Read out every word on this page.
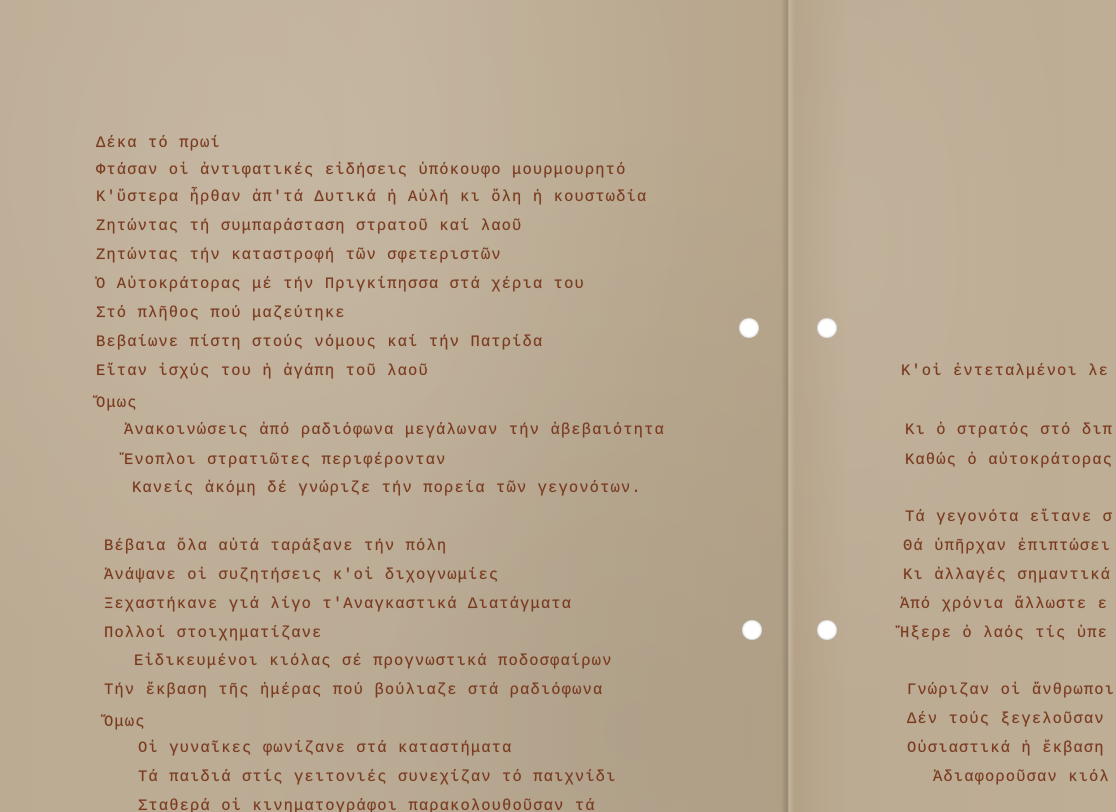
Δέκα τό πρωί
Φτάσαν οἱ ἀντιφατικές εἰδήσεις ὑπόκουφο μουρμουρητό
Κ'ὕστερα ἦρθαν ἀπ'τά Δυτικά ἡ Αὐλή κι ὅλη ἡ κουστωδία
Ζητώντας τή συμπαράσταση στρατοῦ καί λαοῦ
Ζητώντας τήν καταστροφή τῶν σφετεριστῶν
Ὁ Αὐτοκράτορας μέ τήν Πριγκίπησσα στά χέρια του
Στό πλῆθος πού μαζεύτηκε
Βεβαίωνε πίστη στούς νόμους καί τήν Πατρίδα
Εἴταν ἰσχύς του ἡ ἀγάπη τοῦ λαοῦ
Ὅμως
Ἀνακοινώσεις ἀπό ραδιόφωνα μεγάλωναν τήν ἀβεβαιότητα
Ἔνοπλοι στρατιῶτες περιφέρονταν
Κανείς ἀκόμη δέ γνώριζε τήν πορεία τῶν γεγονότων.
Βέβαια ὅλα αὐτά ταράξανε τήν πόλη
Ἀνάψανε οἱ συζητήσεις κ'οἱ διχογνωμίες
Ξεχαστήκανε γιά λίγο τ'Αναγκαστικά Διατάγματα
Πολλοί στοιχηματίζανε
Εἰδικευμένοι κιόλας σέ προγνωστικά ποδοσφαίρων
Τήν ἔκβαση τῆς ἡμέρας πού βούλιαζε στά ραδιόφωνα
Ὅμως
Οἱ γυναῖκες φωνίζανε στά καταστήματα
Τά παιδιά στίς γειτονιές συνεχίζαν τό παιχνίδι
Σταθερά οἱ κινηματογράφοι παρακολουθοῦσαν τά
Κ'οἱ ἐντεταλμένοι λε
Κι ὁ στρατός στό διπ
Καθώς ὁ αὐτοκράτορας
Τά γεγονότα εἴτανε σ
Θά ὑπῆρχαν ἐπιπτώσει
Κι ἀλλαγές σημαντικά
Ἀπό χρόνια ἄλλωστε ε
Ἤξερε ὁ λαός τίς ὑπε
Γνώριζαν οἱ ἄνθρωποι
Δέν τούς ξεγελοῦσαν
Οὐσιαστικά ἡ ἔκβαση
Ἀδιαφοροῦσαν κιόλ
